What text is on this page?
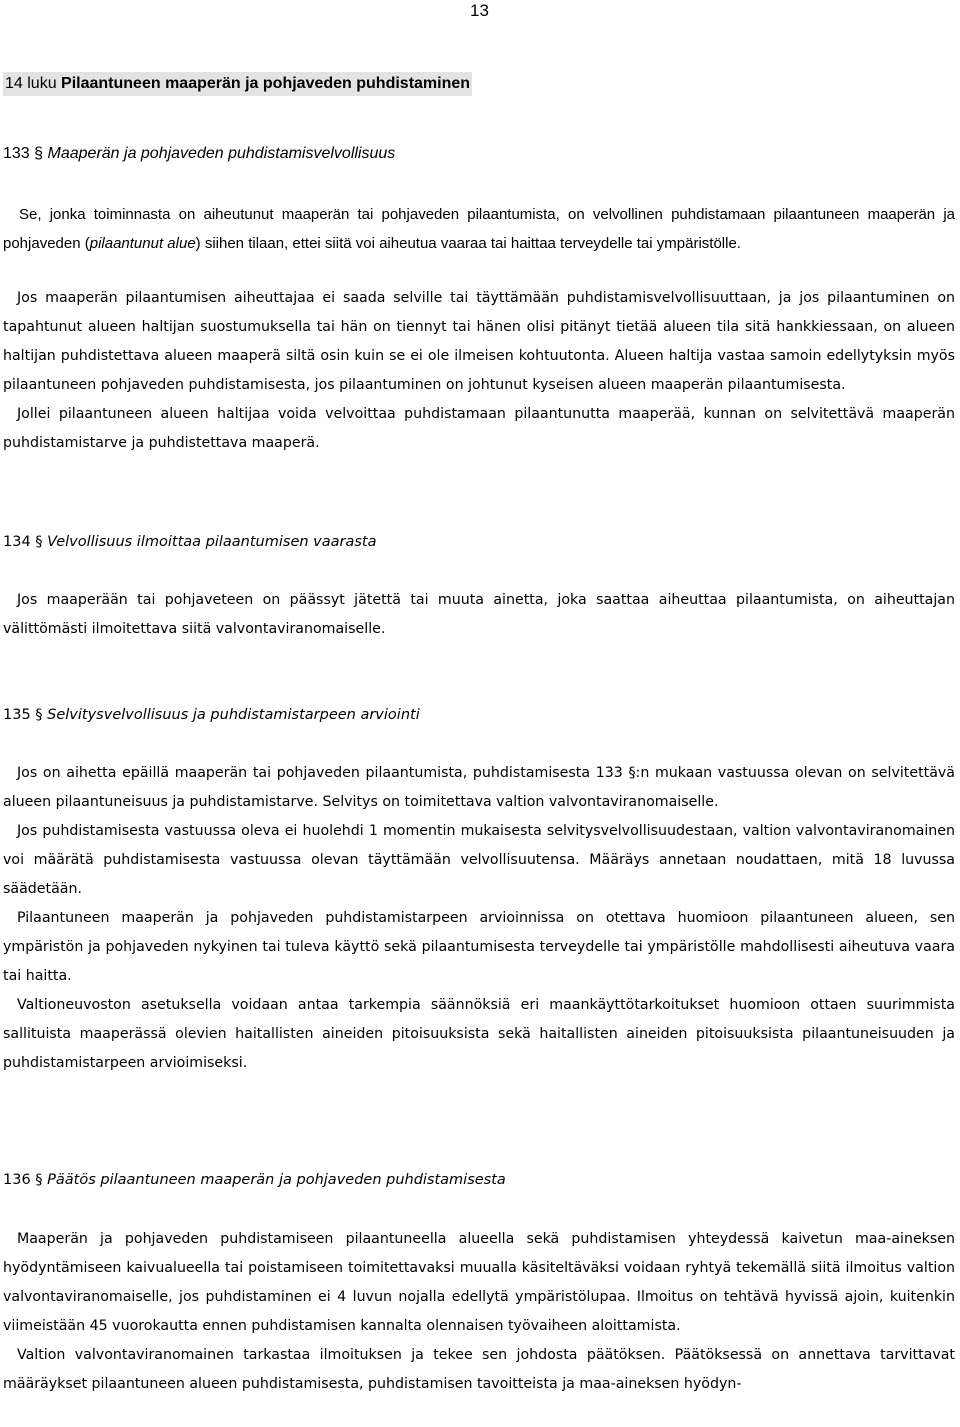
13
14 luku Pilaantuneen maaperän ja pohjaveden puhdistaminen
133 § Maaperän ja pohjaveden puhdistamisvelvollisuus

Se, jonka toiminnasta on aiheutunut maaperän tai pohjaveden pilaantumista, on velvollinen puhdistamaan pilaantuneen maaperän ja pohjaveden (pilaantunut alue) siihen tilaan, ettei siitä voi aiheutua vaaraa tai haittaa terveydelle tai ympäristölle.

Jos maaperän pilaantumisen aiheuttajaa ei saada selville tai täyttämään puhdistamisvelvollisuuttaan, ja jos pilaantuminen on tapahtunut alueen haltijan suostumuksella tai hän on tiennyt tai hänen olisi pitänyt tietää alueen tila sitä hankkiessaan, on alueen haltijan puhdistettava alueen maaperä siltä osin kuin se ei ole ilmeisen kohtuutonta. Alueen haltija vastaa samoin edellytyksin myös pilaantuneen pohjaveden puhdistamisesta, jos pilaantuminen on johtunut kyseisen alueen maaperän pilaantumisesta.

Jollei pilaantuneen alueen haltijaa voida velvoittaa puhdistamaan pilaantunutta maaperää, kunnan on selvitettävä maaperän puhdistamistarve ja puhdistettava maaperä.

134 § Velvollisuus ilmoittaa pilaantumisen vaarasta

Jos maaperään tai pohjaveteen on päässyt jätettä tai muuta ainetta, joka saattaa aiheuttaa pilaantumista, on aiheuttajan välittömästi ilmoitettava siitä valvontaviranomaiselle.

135 § Selvitysvelvollisuus ja puhdistamistarpeen arviointi

Jos on aihetta epäillä maaperän tai pohjaveden pilaantumista, puhdistamisesta 133 §:n mukaan vastuussa olevan on selvitettävä alueen pilaantuneisuus ja puhdistamistarve. Selvitys on toimitettava valtion valvontaviranomaiselle.

Jos puhdistamisesta vastuussa oleva ei huolehdi 1 momentin mukaisesta selvitysvelvollisuudestaan, valtion valvontaviranomainen voi määrätä puhdistamisesta vastuussa olevan täyttämään velvollisuutensa. Määräys annetaan noudattaen, mitä 18 luvussa säädetään.

Pilaantuneen maaperän ja pohjaveden puhdistamistarpeen arvioinnissa on otettava huomioon pilaantuneen alueen, sen ympäristön ja pohjaveden nykyinen tai tuleva käyttö sekä pilaantumisesta terveydelle tai ympäristölle mahdollisesti aiheutuva vaara tai haitta.

Valtioneuvoston asetuksella voidaan antaa tarkempia säännöksiä eri maankäyttötarkoitukset huomioon ottaen suurimmista sallituista maaperässä olevien haitallisten aineiden pitoisuuksista sekä haitallisten aineiden pitoisuuksista pilaantuneisuuden ja puhdistamistarpeen arvioimiseksi.

136 § Päätös pilaantuneen maaperän ja pohjaveden puhdistamisesta

Maaperän ja pohjaveden puhdistamiseen pilaantuneella alueella sekä puhdistamisen yhteydessä kaivetun maa-aineksen hyödyntämiseen kaivualueella tai poistamiseen toimitettavaksi muualla käsiteltäväksi voidaan ryhtyä tekemällä siitä ilmoitus valtion valvontaviranomaiselle, jos puhdistaminen ei 4 luvun nojalla edellytä ympäristölupaa. Ilmoitus on tehtävä hyvissä ajoin, kuitenkin viimeistään 45 vuorokautta ennen puhdistamisen kannalta olennaisen työvaiheen aloittamista.

Valtion valvontaviranomainen tarkastaa ilmoituksen ja tekee sen johdosta päätöksen. Päätöksessä on annettava tarvittavat määräykset pilaantuneen alueen puhdistamisesta, puhdistamisen tavoitteista ja maa-aineksen hyödyn-
